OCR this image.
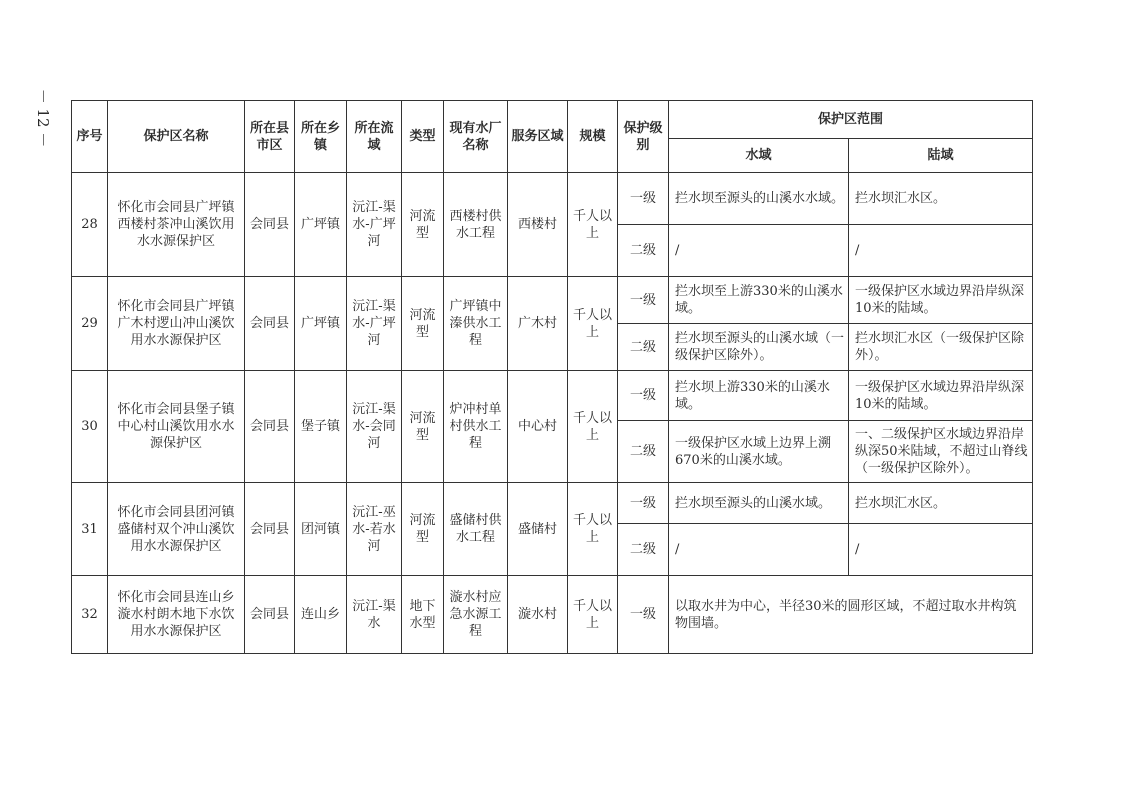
－ 12 －	序号	保护区名称	所在县市区	所在乡镇	所在流域	类型	现有水厂名称	服务区域	规模	保护级别	保护区范围	
										水域	陆域
28	怀化市会同县广坪镇西楼村茶冲山溪饮用水水源保护区	会同县	广坪镇	沅江-渠水-广坪河	河流型	西楼村供水工程	西楼村	千人以上	一级	拦水坝至源头的山溪水水域。	拦水坝汇水区。
									二级	/	/
29	怀化市会同县广坪镇广木村逻山冲山溪饮用水水源保护区	会同县	广坪镇	沅江-渠水-广坪河	河流型	广坪镇中溱供水工程	广木村	千人以上	一级	拦水坝至上游330米的山溪水域。	一级保护区水域边界沿岸纵深10米的陆域。
									二级	拦水坝至源头的山溪水域（一级保护区除外）。	拦水坝汇水区（一级保护区除外）。
30	怀化市会同县堡子镇中心村山溪饮用水水源保护区	会同县	堡子镇	沅江-渠水-会同河	河流型	炉冲村单村供水工程	中心村	千人以上	一级	拦水坝上游330米的山溪水域。	一级保护区水域边界沿岸纵深10米的陆域。
									二级	一级保护区水域上边界上溯670米的山溪水域。	一、二级保护区水域边界沿岸纵深50米陆域，不超过山脊线（一级保护区除外）。
31	怀化市会同县团河镇盛储村双个冲山溪饮用水水源保护区	会同县	团河镇	沅江-巫水-若水河	河流型	盛储村供水工程	盛储村	千人以上	一级	拦水坝至源头的山溪水域。	拦水坝汇水区。
									二级	/	/
32	怀化市会同县连山乡漩水村朗木地下水饮用水水源保护区	会同县	连山乡	沅江-渠水	地下水型	漩水村应急水源工程	漩水村	千人以上	一级	以取水井为中心，半径30米的圆形区域，不超过取水井构筑物围墙。	
